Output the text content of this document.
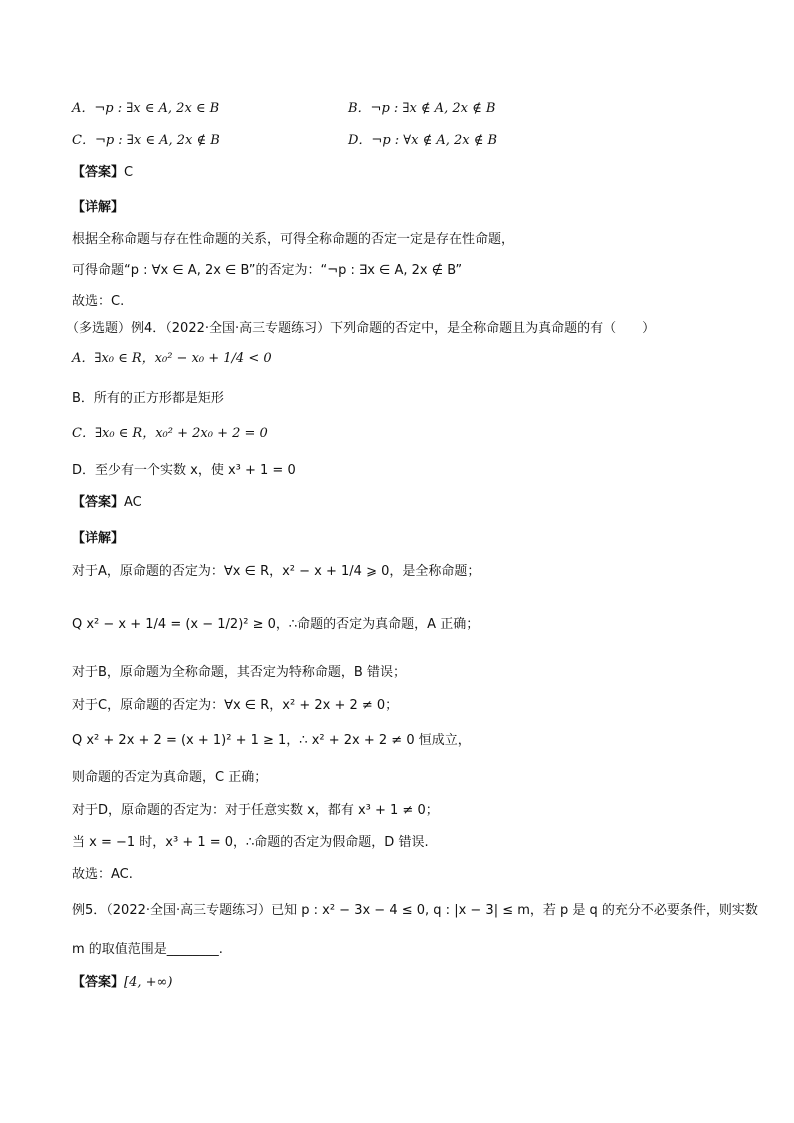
A．¬p : ∃x ∈ A, 2x ∈ B	B．¬p : ∃x ∉ A, 2x ∉ B
C．¬p : ∃x ∈ A, 2x ∉ B	D．¬p : ∀x ∉ A, 2x ∉ B
【答案】C
【详解】
根据全称命题与存在性命题的关系，可得全称命题的否定一定是存在性命题，
可得命题“p : ∀x ∈ A, 2x ∈ B”的否定为：“¬p : ∃x ∈ A, 2x ∉ B”
故选：C.
（多选题）例4．（2022·全国·高三专题练习）下列命题的否定中，是全称命题且为真命题的有（　　）
A．∃x₀ ∈ R，x₀² − x₀ + 1/4 < 0
B．所有的正方形都是矩形
C．∃x₀ ∈ R，x₀² + 2x₀ + 2 = 0
D．至少有一个实数 x，使 x³ + 1 = 0
【答案】AC
【详解】
对于A，原命题的否定为：∀x ∈ R，x² − x + 1/4 ⩾ 0，是全称命题；
Q x² − x + 1/4 = (x − 1/2)² ≥ 0，∴命题的否定为真命题，A 正确；
对于B，原命题为全称命题，其否定为特称命题，B 错误；
对于C，原命题的否定为：∀x ∈ R，x² + 2x + 2 ≠ 0；
Q x² + 2x + 2 = (x + 1)² + 1 ≥ 1，∴ x² + 2x + 2 ≠ 0 恒成立，
则命题的否定为真命题，C 正确；
对于D，原命题的否定为：对于任意实数 x，都有 x³ + 1 ≠ 0；
当 x = −1 时，x³ + 1 = 0，∴命题的否定为假命题，D 错误.
故选：AC.
例5．（2022·全国·高三专题练习）已知 p : x² − 3x − 4 ≤ 0, q : |x − 3| ≤ m，若 p 是 q 的充分不必要条件，则实数
m 的取值范围是________.
【答案】[4, +∞)
